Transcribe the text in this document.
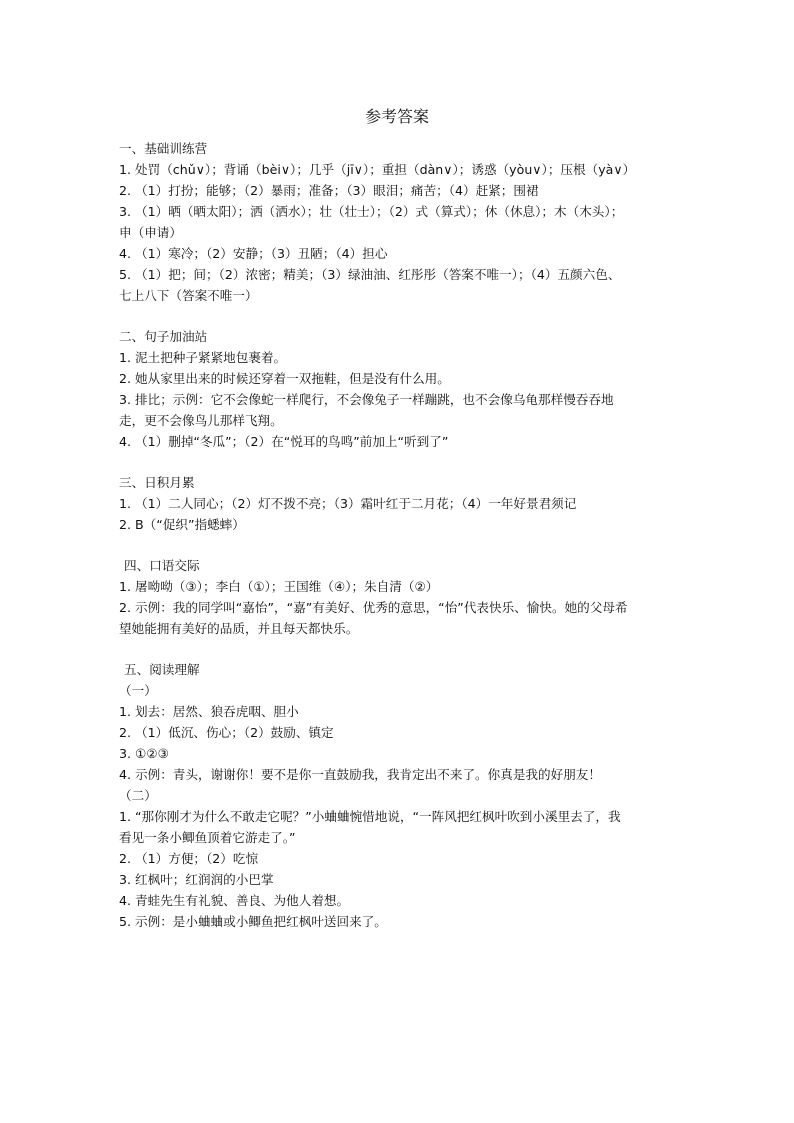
参考答案
一、基础训练营
1. 处罚（chǔ∨）；背诵（bèi∨）；几乎（jī∨）；重担（dàn∨）；诱惑（yòu∨）；压根（yà∨）
2. （1）打扮；能够；（2）暴雨；准备；（3）眼泪；痛苦；（4）赶紧；围裙
3. （1）晒（晒太阳）；洒（洒水）；壮（壮士）；（2）式（算式）；休（休息）；木（木头）；
申（申请）
4. （1）寒冷；（2）安静；（3）丑陋；（4）担心
5. （1）把；间；（2）浓密；精美；（3）绿油油、红彤彤（答案不唯一）；（4）五颜六色、
七上八下（答案不唯一）
二、句子加油站
1. 泥土把种子紧紧地包裹着。
2. 她从家里出来的时候还穿着一双拖鞋，但是没有什么用。
3. 排比；示例：它不会像蛇一样爬行，不会像兔子一样蹦跳，也不会像乌龟那样慢吞吞地
走，更不会像鸟儿那样飞翔。
4. （1）删掉“冬瓜”；（2）在“悦耳的鸟鸣”前加上“听到了”
三、日积月累
1. （1）二人同心；（2）灯不拨不亮；（3）霜叶红于二月花；（4）一年好景君须记
2. B（“促织”指蟋蟀）
四、口语交际
1. 屠呦呦（③）；李白（①）；王国维（④）；朱自清（②）
2. 示例：我的同学叫“嘉怡”，“嘉”有美好、优秀的意思，“怡”代表快乐、愉快。她的父母希
望她能拥有美好的品质，并且每天都快乐。
五、阅读理解
（一）
1. 划去：居然、狼吞虎咽、胆小
2. （1）低沉、伤心；（2）鼓励、镇定
3. ①②③
4. 示例：青头，谢谢你！要不是你一直鼓励我，我肯定出不来了。你真是我的好朋友！
（二）
1. “那你刚才为什么不敢走它呢？”小蛐蛐惋惜地说，“一阵风把红枫叶吹到小溪里去了，我
看见一条小鲫鱼顶着它游走了。”
2. （1）方便；（2）吃惊
3. 红枫叶；红润润的小巴掌
4. 青蛙先生有礼貌、善良、为他人着想。
5. 示例：是小蛐蛐或小鲫鱼把红枫叶送回来了。
